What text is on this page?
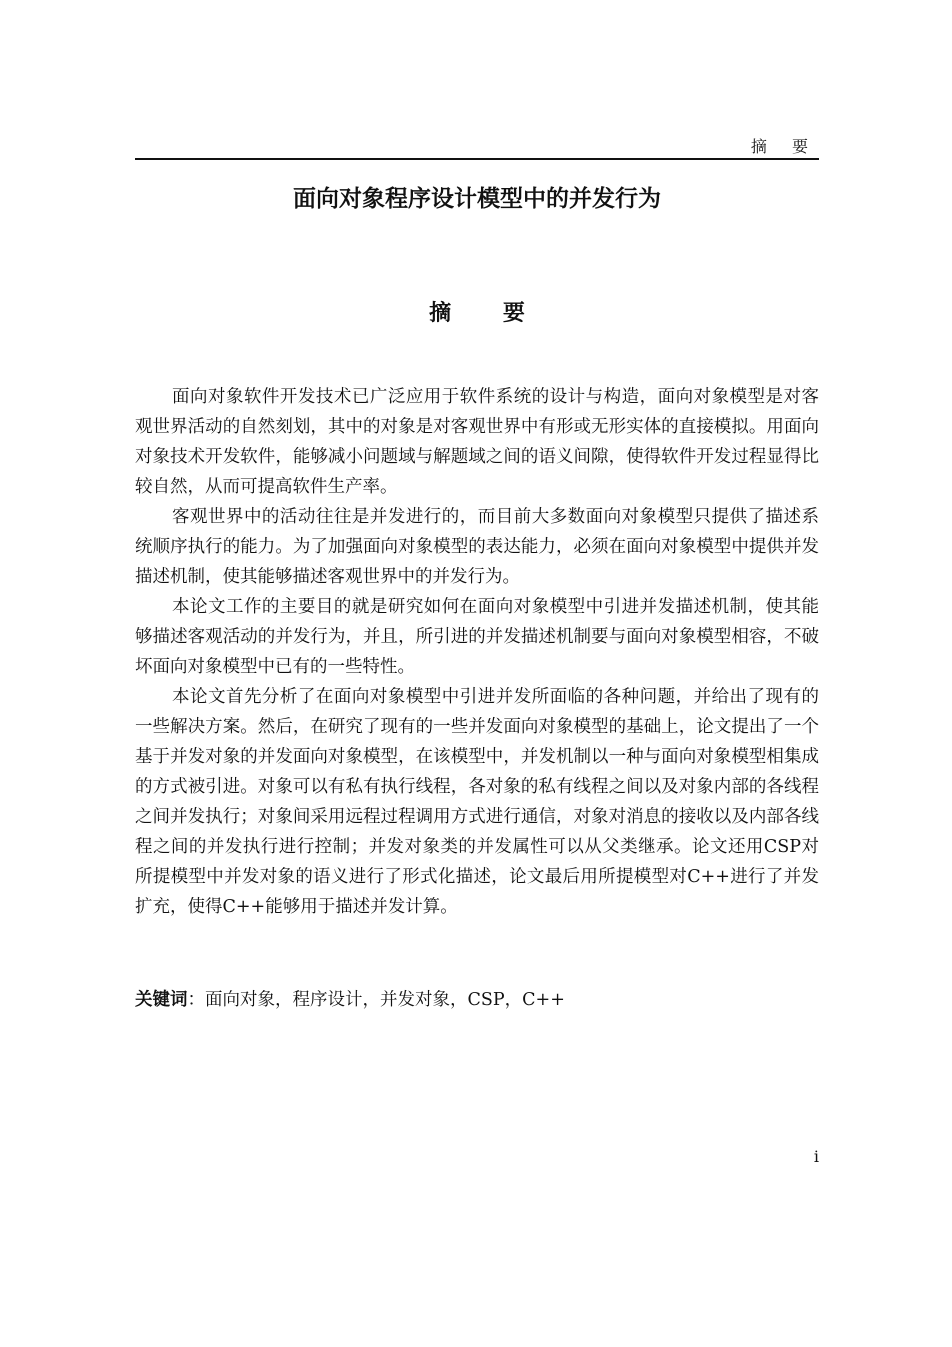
摘 要
面向对象程序设计模型中的并发行为
摘 要

面向对象软件开发技术已广泛应用于软件系统的设计与构造，面向对象模型是对客观世界活动的自然刻划，其中的对象是对客观世界中有形或无形实体的直接模拟。用面向对象技术开发软件，能够减小问题域与解题域之间的语义间隙，使得软件开发过程显得比较自然，从而可提高软件生产率。

客观世界中的活动往往是并发进行的，而目前大多数面向对象模型只提供了描述系统顺序执行的能力。为了加强面向对象模型的表达能力，必须在面向对象模型中提供并发描述机制，使其能够描述客观世界中的并发行为。

本论文工作的主要目的就是研究如何在面向对象模型中引进并发描述机制，使其能够描述客观活动的并发行为，并且，所引进的并发描述机制要与面向对象模型相容，不破坏面向对象模型中已有的一些特性。

本论文首先分析了在面向对象模型中引进并发所面临的各种问题，并给出了现有的一些解决方案。然后，在研究了现有的一些并发面向对象模型的基础上，论文提出了一个基于并发对象的并发面向对象模型，在该模型中，并发机制以一种与面向对象模型相集成的方式被引进。对象可以有私有执行线程，各对象的私有线程之间以及对象内部的各线程之间并发执行；对象间采用远程过程调用方式进行通信，对象对消息的接收以及内部各线程之间的并发执行进行控制；并发对象类的并发属性可以从父类继承。论文还用CSP对所提模型中并发对象的语义进行了形式化描述，论文最后用所提模型对C++进行了并发扩充，使得C++能够用于描述并发计算。

关键词：面向对象，程序设计，并发对象，CSP，C++
i
